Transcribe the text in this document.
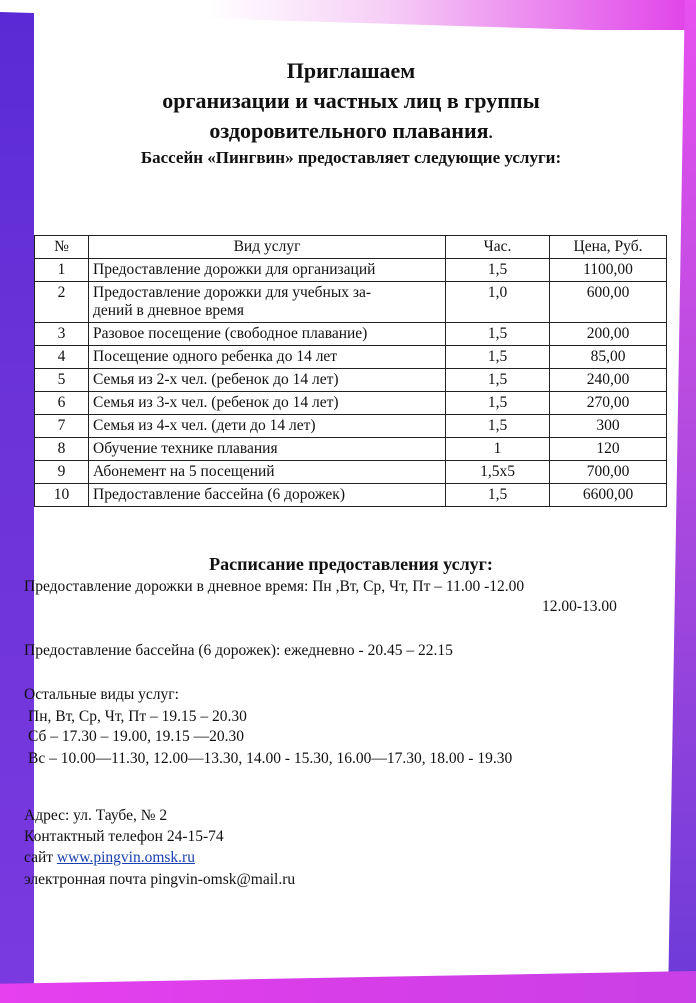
Приглашаем
организации и частных лиц в группы
оздоровительного плавания.
Бассейн «Пингвин» предоставляет следующие услуги:
№	Вид услуг	Час.	Цена, Руб.
1	Предоставление дорожки для организаций	1,5	1100,00
2	Предоставление дорожки для учебных за-
дений в дневное время	1,0	600,00
3	Разовое посещение (свободное плавание)	1,5	200,00
4	Посещение одного ребенка до 14 лет	1,5	85,00
5	Семья из 2-х чел. (ребенок до 14 лет)	1,5	240,00
6	Семья из 3-х чел. (ребенок до 14 лет)	1,5	270,00
7	Семья из 4-х чел. (дети до 14 лет)	1,5	300
8	Обучение технике плавания	1	120
9	Абонемент на 5 посещений	1,5х5	700,00
10	Предоставление бассейна (6 дорожек)	1,5	6600,00
Расписание предоставления услуг:
Предоставление дорожки в дневное время: Пн ,Вт, Ср, Чт, Пт – 11.00 -12.00
12.00-13.00
Предоставление бассейна (6 дорожек): ежедневно - 20.45 – 22.15
Остальные виды услуг:
Пн, Вт, Ср, Чт, Пт – 19.15 – 20.30
Сб – 17.30 – 19.00, 19.15 —20.30
Вс – 10.00—11.30, 12.00—13.30, 14.00 - 15.30, 16.00—17.30, 18.00 - 19.30
Адрес: ул. Таубе, № 2
Контактный телефон 24-15-74
сайт www.pingvin.omsk.ru
электронная почта pingvin-omsk@mail.ru
